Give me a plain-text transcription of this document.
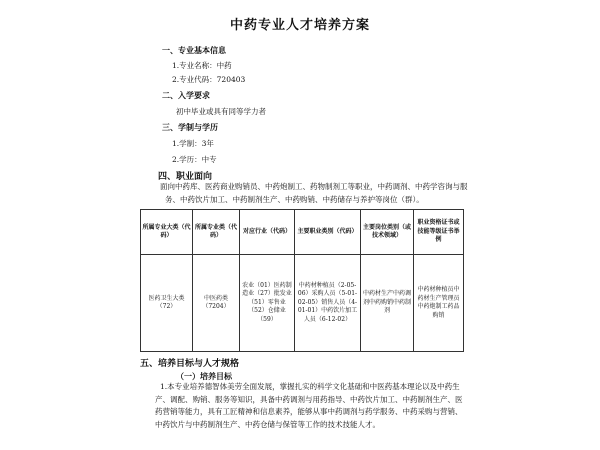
中药专业人才培养方案
一、专业基本信息
1.专业名称：中药
2.专业代码：720403
二、入学要求
初中毕业或具有同等学力者
三、学制与学历
1.学制：3年
2.学历：中专
四、职业面向
面向中药库、医药商业购销员、中药炮制工、药物制剂工等职业，中药调剂、中药学咨询与服务、中药饮片加工、中药制剂生产、中药购销、中药储存与养护等岗位（群）。
所属专业大类（代码）	所属专业类（代码）	对应行业（代码）	主要职业类别（代码）	主要岗位类别（或技术领域）	职业资格证书或技能等级证书举例
医药卫生大类（72）	中医药类（7204）	农业（01）医药制造业（27）批发业（51）零售业（52）仓储业（59）	中药材种植员（2-05-06）采购人员（5-01-02-05）销售人员（4-01-01）中药饮片加工人员（6-12-02）	中药材生产中药调剂中药购销中药制剂	中药材种植员中药材生产管理员中药炮制工药品购销
五、培养目标与人才规格
（一）培养目标
1.本专业培养德智体美劳全面发展，掌握扎实的科学文化基础和中医药基本理论以及中药生产、调配、购销、服务等知识，具备中药调剂与用药指导、中药饮片加工、中药制剂生产、医药营销等能力，具有工匠精神和信息素养，能够从事中药调剂与药学服务、中药采购与营销、中药饮片与中药制剂生产、中药仓储与保管等工作的技术技能人才。
